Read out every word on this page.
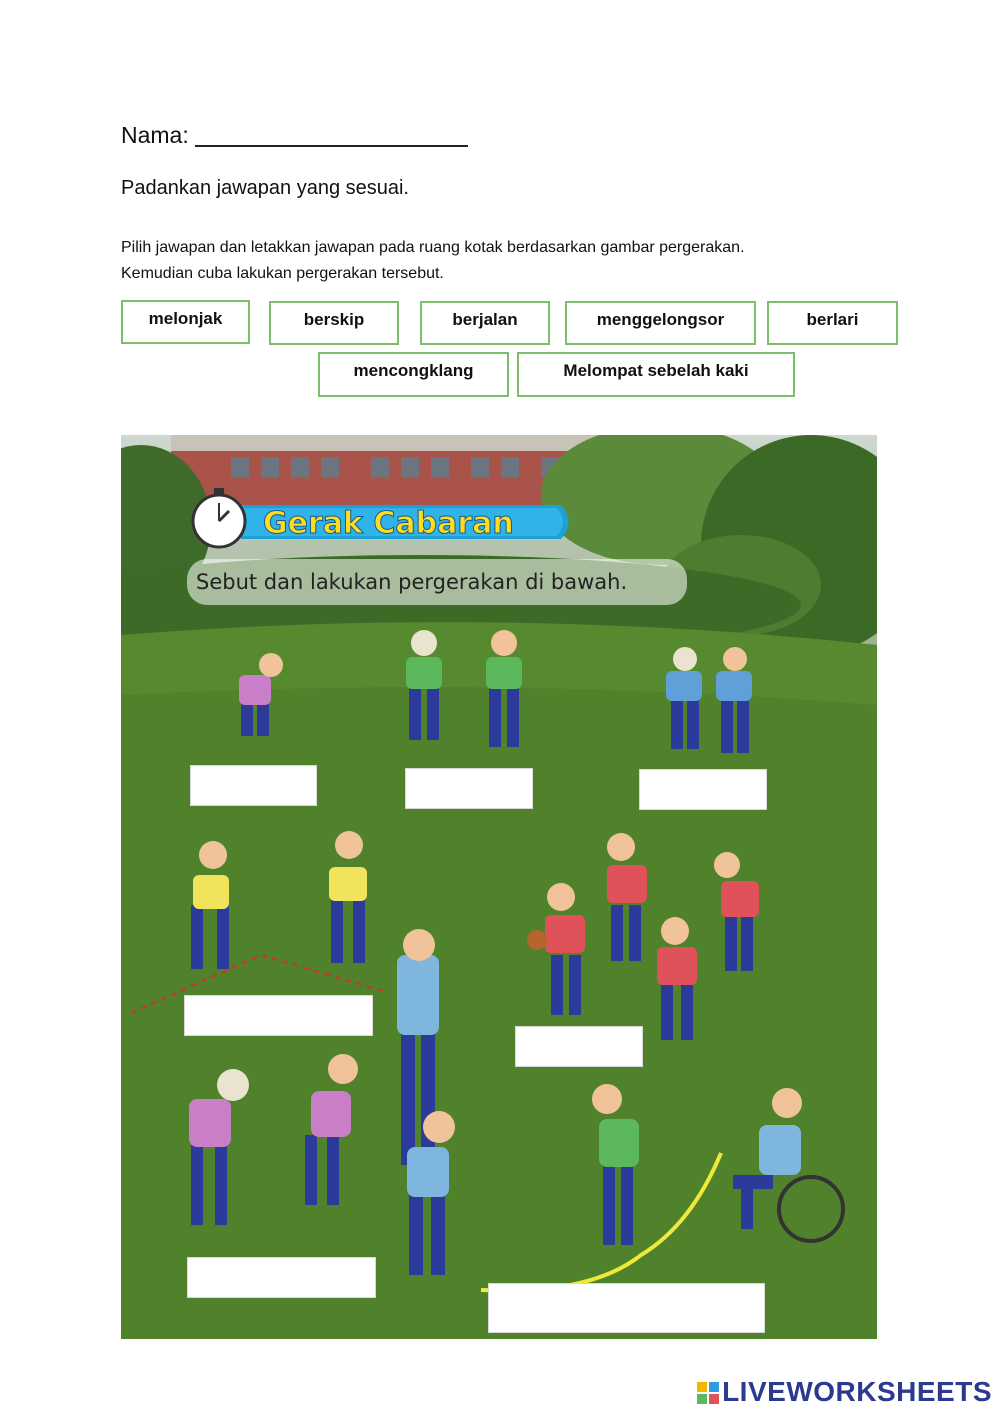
Nama:
Padankan jawapan yang sesuai.
Pilih jawapan dan letakkan jawapan pada ruang kotak berdasarkan gambar pergerakan.
Kemudian cuba lakukan pergerakan tersebut.
melonjak	berskip	berjalan	menggelongsor	berlari
mencongklang	Melompat sebelah kaki
Gerak Cabaran
Sebut dan lakukan pergerakan di bawah.
LIVEWORKSHEETS
